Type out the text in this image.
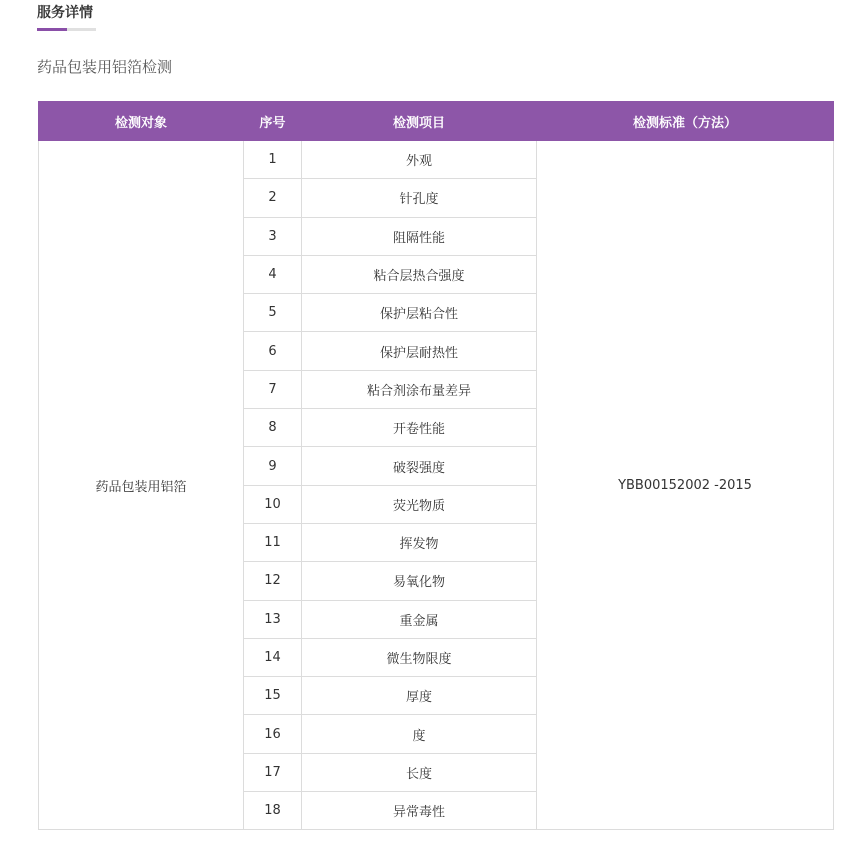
服务详情
药品包装用铝箔检测
检测对象	序号	检测项目	检测标准（方法）
药品包装用铝箔	1	外观	YBB00152002 -2015
	2	针孔度	
	3	阻隔性能	
	4	粘合层热合强度	
	5	保护层粘合性	
	6	保护层耐热性	
	7	粘合剂涂布量差异	
	8	开卷性能	
	9	破裂强度	
	10	荧光物质	
	11	挥发物	
	12	易氧化物	
	13	重金属	
	14	微生物限度	
	15	厚度	
	16	度	
	17	长度	
	18	异常毒性	
